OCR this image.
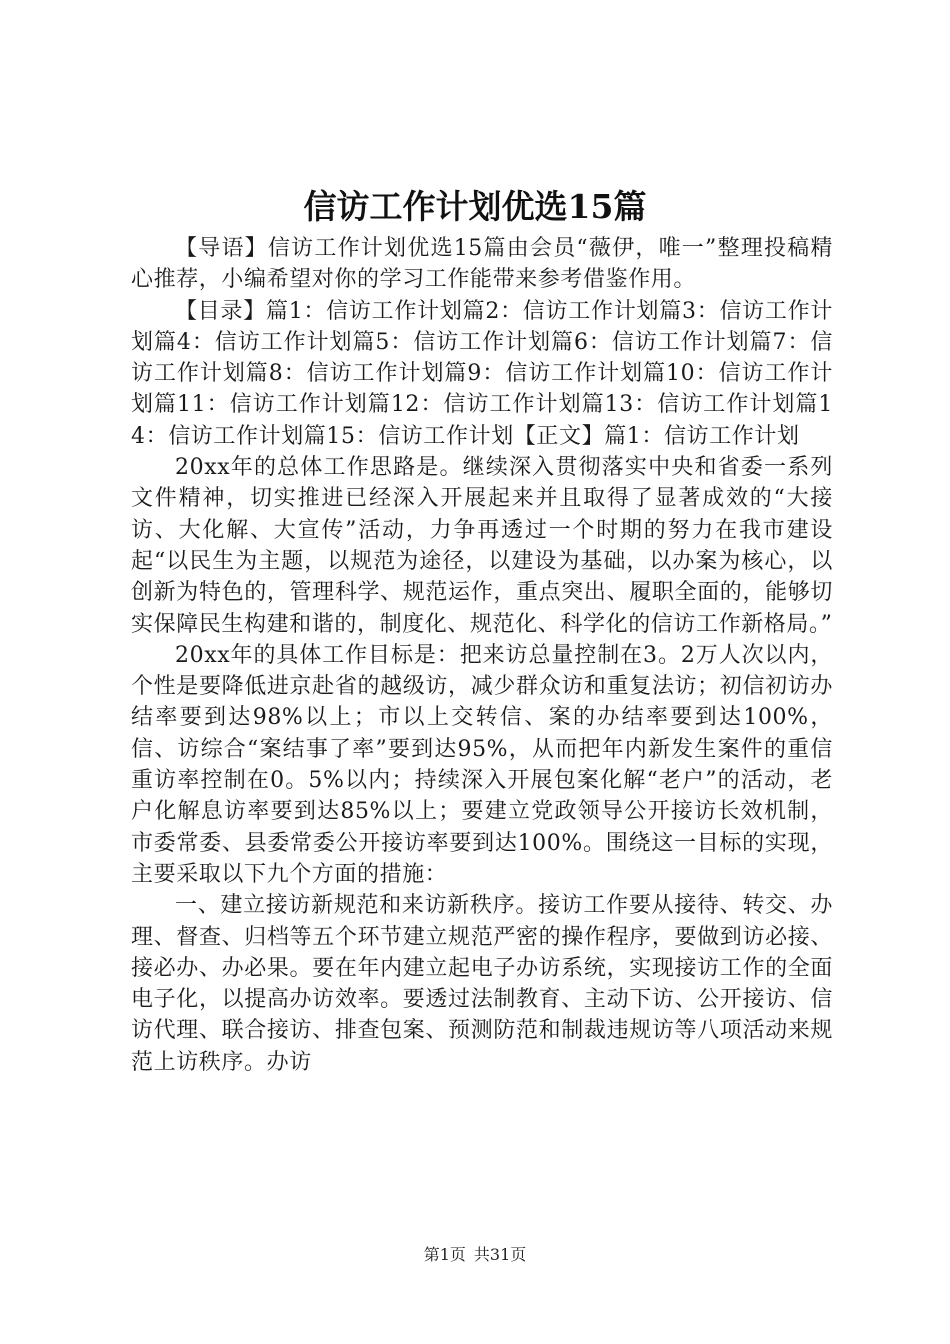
信访工作计划优选15篇

【导语】信访工作计划优选15篇由会员“薇伊，唯一”整理投稿精心推荐，小编希望对你的学习工作能带来参考借鉴作用。

【目录】篇1：信访工作计划篇2：信访工作计划篇3：信访工作计划篇4：信访工作计划篇5：信访工作计划篇6：信访工作计划篇7：信访工作计划篇8：信访工作计划篇9：信访工作计划篇10：信访工作计划篇11：信访工作计划篇12：信访工作计划篇13：信访工作计划篇14：信访工作计划篇15：信访工作计划【正文】篇1：信访工作计划

20xx年的总体工作思路是。继续深入贯彻落实中央和省委一系列文件精神，切实推进已经深入开展起来并且取得了显著成效的“大接访、大化解、大宣传”活动，力争再透过一个时期的努力在我市建设起“以民生为主题，以规范为途径，以建设为基础，以办案为核心，以创新为特色的，管理科学、规范运作，重点突出、履职全面的，能够切实保障民生构建和谐的，制度化、规范化、科学化的信访工作新格局。”

20xx年的具体工作目标是：把来访总量控制在3。2万人次以内，个性是要降低进京赴省的越级访，减少群众访和重复法访；初信初访办结率要到达98%以上；市以上交转信、案的办结率要到达100%，信、访综合“案结事了率”要到达95%，从而把年内新发生案件的重信重访率控制在0。5%以内；持续深入开展包案化解“老户”的活动，老户化解息访率要到达85%以上；要建立党政领导公开接访长效机制，市委常委、县委常委公开接访率要到达100%。围绕这一目标的实现，主要采取以下九个方面的措施：

一、建立接访新规范和来访新秩序。接访工作要从接待、转交、办理、督查、归档等五个环节建立规范严密的操作程序，要做到访必接、接必办、办必果。要在年内建立起电子办访系统，实现接访工作的全面电子化，以提高办访效率。要透过法制教育、主动下访、公开接访、信访代理、联合接访、排查包案、预测防范和制裁违规访等八项活动来规范上访秩序。办访

第1页 共31页
